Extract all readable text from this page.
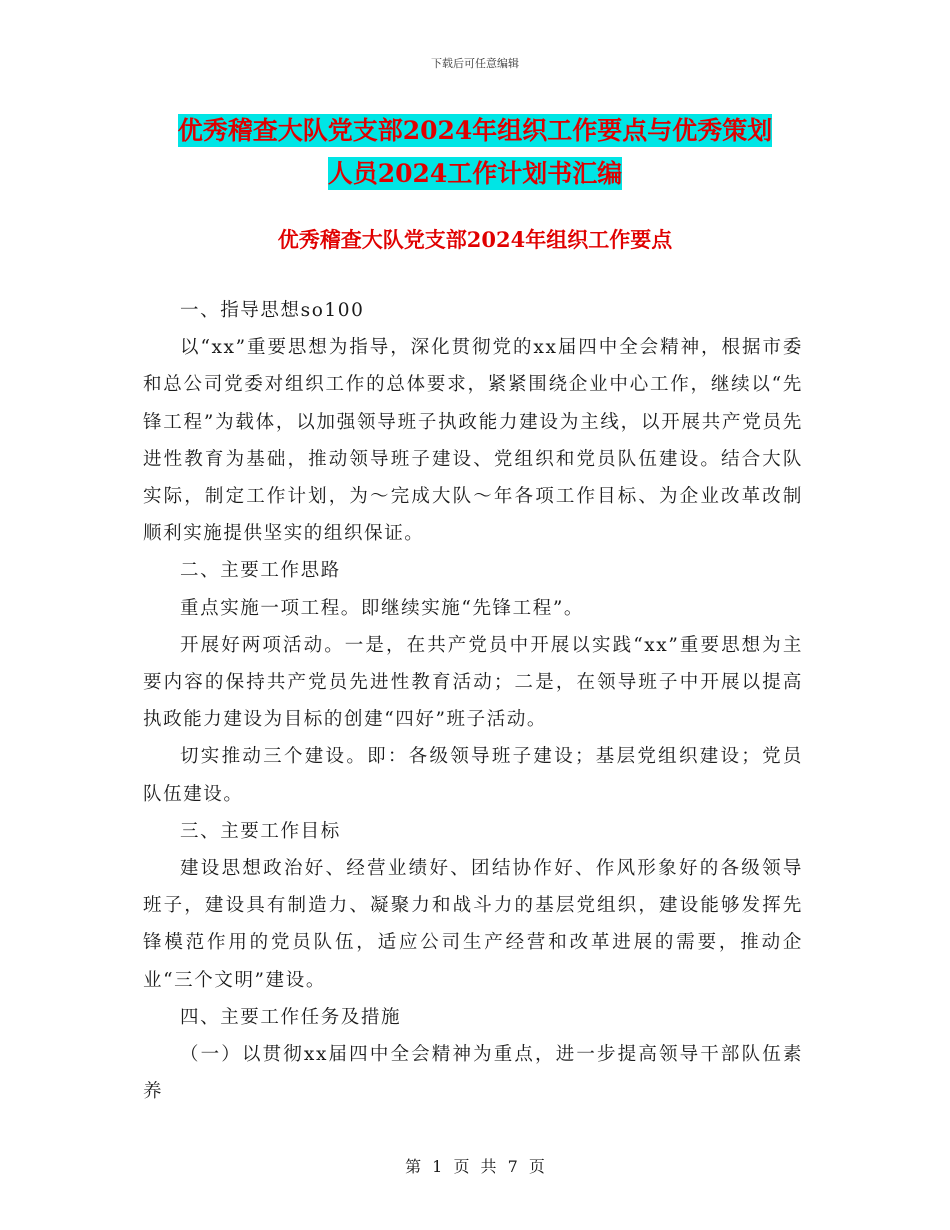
下载后可任意编辑
优秀稽查大队党支部2024年组织工作要点与优秀策划
人员2024工作计划书汇编
优秀稽查大队党支部2024年组织工作要点

一、指导思想so100

以“xx”重要思想为指导，深化贯彻党的xx届四中全会精神，根据市委和总公司党委对组织工作的总体要求，紧紧围绕企业中心工作，继续以“先锋工程”为载体，以加强领导班子执政能力建设为主线，以开展共产党员先进性教育为基础，推动领导班子建设、党组织和党员队伍建设。结合大队实际，制定工作计划，为～完成大队～年各项工作目标、为企业改革改制顺利实施提供坚实的组织保证。

二、主要工作思路

重点实施一项工程。即继续实施“先锋工程”。

开展好两项活动。一是，在共产党员中开展以实践“xx”重要思想为主要内容的保持共产党员先进性教育活动；二是，在领导班子中开展以提高执政能力建设为目标的创建“四好”班子活动。

切实推动三个建设。即：各级领导班子建设；基层党组织建设；党员队伍建设。

三、主要工作目标

建设思想政治好、经营业绩好、团结协作好、作风形象好的各级领导班子，建设具有制造力、凝聚力和战斗力的基层党组织，建设能够发挥先锋模范作用的党员队伍，适应公司生产经营和改革进展的需要，推动企业“三个文明”建设。

四、主要工作任务及措施

（一）以贯彻xx届四中全会精神为重点，进一步提高领导干部队伍素养

第 1 页 共 7 页
